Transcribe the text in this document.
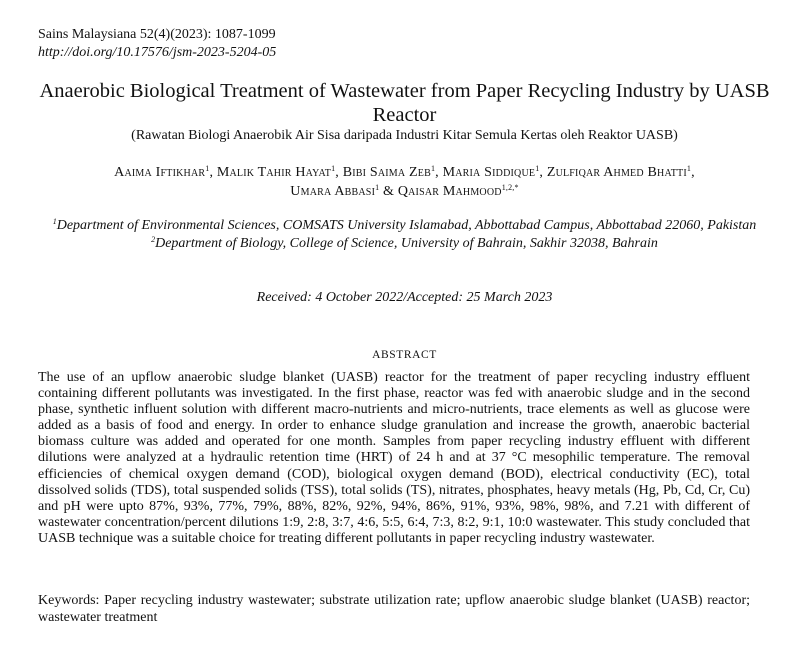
Sains Malaysiana 52(4)(2023): 1087-1099
http://doi.org/10.17576/jsm-2023-5204-05
Anaerobic Biological Treatment of Wastewater from Paper Recycling Industry by UASB Reactor
(Rawatan Biologi Anaerobik Air Sisa daripada Industri Kitar Semula Kertas oleh Reaktor UASB)
Aaima Iftikhar$^1$, Malik Tahir Hayat$^1$, Bibi Saima Zeb$^1$, Maria Siddique$^1$, Zulfiqar Ahmed Bhatti$^1$,
Umara Abbasi$^1$ & Qaisar Mahmood$^{1,2,*}$
$^1$Department of Environmental Sciences, COMSATS University Islamabad, Abbottabad Campus, Abbottabad 22060, Pakistan
$^2$Department of Biology, College of Science, University of Bahrain, Sakhir 32038, Bahrain
Received: 4 October 2022/Accepted: 25 March 2023
ABSTRACT
The use of an upflow anaerobic sludge blanket (UASB) reactor for the treatment of paper recycling industry effluent containing different pollutants was investigated. In the first phase, reactor was fed with anaerobic sludge and in the second phase, synthetic influent solution with different macro-nutrients and micro-nutrients, trace elements as well as glucose were added as a basis of food and energy. In order to enhance sludge granulation and increase the growth, anaerobic bacterial biomass culture was added and operated for one month. Samples from paper recycling industry effluent with different dilutions were analyzed at a hydraulic retention time (HRT) of 24 h and at 37 °C mesophilic temperature. The removal efficiencies of chemical oxygen demand (COD), biological oxygen demand (BOD), electrical conductivity (EC), total dissolved solids (TDS), total suspended solids (TSS), total solids (TS), nitrates, phosphates, heavy metals (Hg, Pb, Cd, Cr, Cu) and pH were upto 87%, 93%, 77%, 79%, 88%, 82%, 92%, 94%, 86%, 91%, 93%, 98%, 98%, and 7.21 with different of wastewater concentration/percent dilutions 1:9, 2:8, 3:7, 4:6, 5:5, 6:4, 7:3, 8:2, 9:1, 10:0 wastewater. This study concluded that UASB technique was a suitable choice for treating different pollutants in paper recycling industry wastewater.
Keywords: Paper recycling industry wastewater; substrate utilization rate; upflow anaerobic sludge blanket (UASB) reactor; wastewater treatment
